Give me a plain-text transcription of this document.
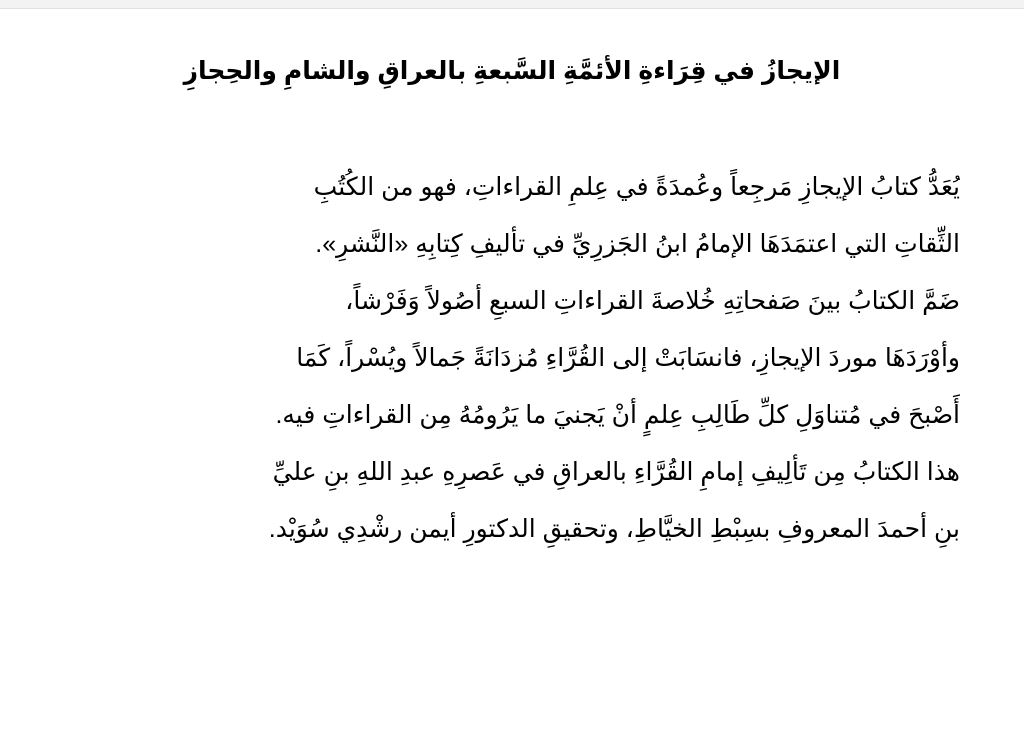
الإيجازُ في قِرَاءةِ الأئمَّةِ السَّبعةِ بالعراقِ والشامِ والحِجازِ
يُعَدُّ كتابُ الإيجازِ مَرجِعاً وعُمدَةً في عِلمِ القراءاتِ، فهو من الكُتُبِ
الثِّقاتِ التي اعتمَدَهَا الإمامُ ابنُ الجَزرِيِّ في تأليفِ كِتابِهِ «النَّشرِ».
ضَمَّ الكتابُ بينَ صَفحاتِهِ خُلاصةَ القراءاتِ السبعِ أصُولاً وَفَرْشاً،
وأوْرَدَهَا موردَ الإيجازِ، فانسَابَتْ إلى القُرَّاءِ مُزدَانَةً جَمالاً ويُسْراً، كَمَا
أَصْبحَ في مُتناوَلِ كلِّ طَالِبِ عِلمٍ أنْ يَجنيَ ما يَرُومُهُ مِن القراءاتِ فيه.
هذا الكتابُ مِن تَألِيفِ إمامِ القُرَّاءِ بالعراقِ في عَصرِهِ عبدِ اللهِ بنِ عليِّ
بنِ أحمدَ المعروفِ بسِبْطِ الخيَّاطِ، وتحقيقِ الدكتورِ أيمن رشْدِي سُوَيْد.
